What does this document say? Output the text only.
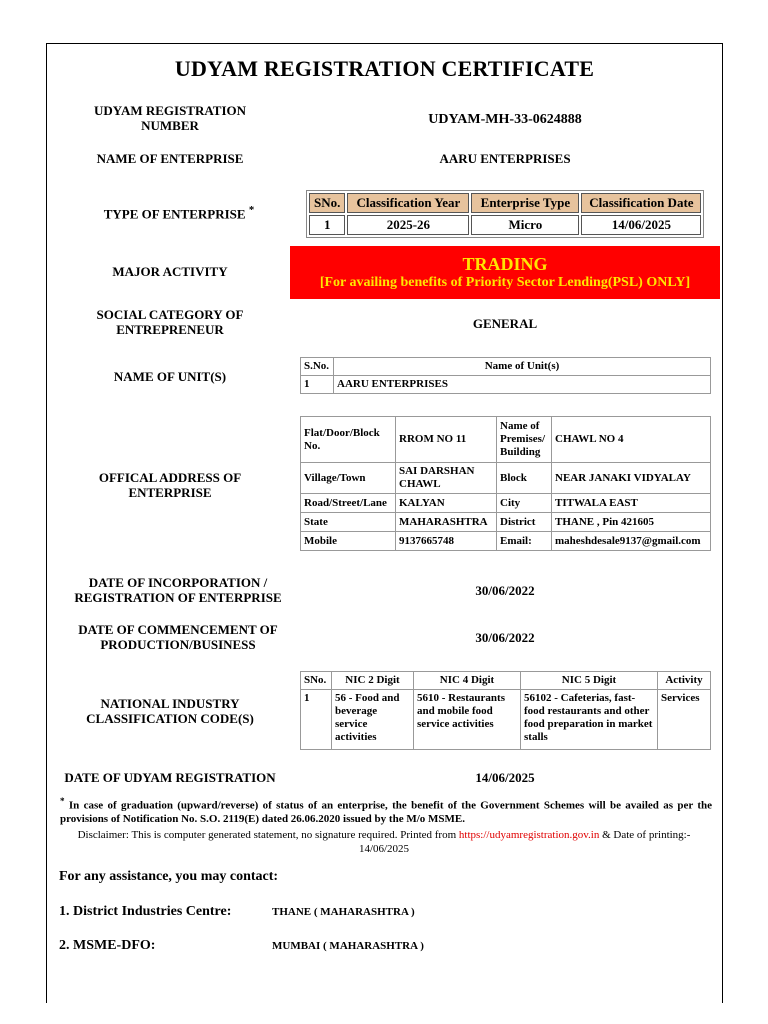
UDYAM REGISTRATION CERTIFICATE
UDYAM REGISTRATION NUMBER	UDYAM-MH-33-0624888
NAME OF ENTERPRISE	AARU ENTERPRISES
TYPE OF ENTERPRISE *	SNo.	Classification Year	Enterprise Type	Classification Date
1	2025-26	Micro	14/06/2025
MAJOR ACTIVITY	TRADING
[For availing benefits of Priority Sector Lending(PSL) ONLY]
SOCIAL CATEGORY OF ENTREPRENEUR	GENERAL
NAME OF UNIT(S)
S.No.	Name of Unit(s)
1	AARU ENTERPRISES
OFFICAL ADDRESS OF ENTERPRISE
Flat/Door/Block No.	RROM NO 11	Name of Premises/ Building	CHAWL NO 4
Village/Town	SAI DARSHAN CHAWL	Block	NEAR JANAKI VIDYALAY
Road/Street/Lane	KALYAN	City	TITWALA EAST
State	MAHARASHTRA	District	THANE , Pin 421605
Mobile	9137665748	Email:	maheshdesale9137@gmail.com
DATE OF INCORPORATION / REGISTRATION OF ENTERPRISE	30/06/2022
DATE OF COMMENCEMENT OF PRODUCTION/BUSINESS	30/06/2022
NATIONAL INDUSTRY CLASSIFICATION CODE(S)
SNo.	NIC 2 Digit	NIC 4 Digit	NIC 5 Digit	Activity
1	56 - Food and beverage service activities	5610 - Restaurants and mobile food service activities	56102 - Cafeterias, fast-food restaurants and other food preparation in market stalls	Services
DATE OF UDYAM REGISTRATION	14/06/2025
* In case of graduation (upward/reverse) of status of an enterprise, the benefit of the Government Schemes will be availed as per the provisions of Notification No. S.O. 2119(E) dated 26.06.2020 issued by the M/o MSME.
Disclaimer: This is computer generated statement, no signature required. Printed from https://udyamregistration.gov.in & Date of printing:-
14/06/2025
For any assistance, you may contact:
1. District Industries Centre:	THANE ( MAHARASHTRA )
2. MSME-DFO:	MUMBAI ( MAHARASHTRA )
